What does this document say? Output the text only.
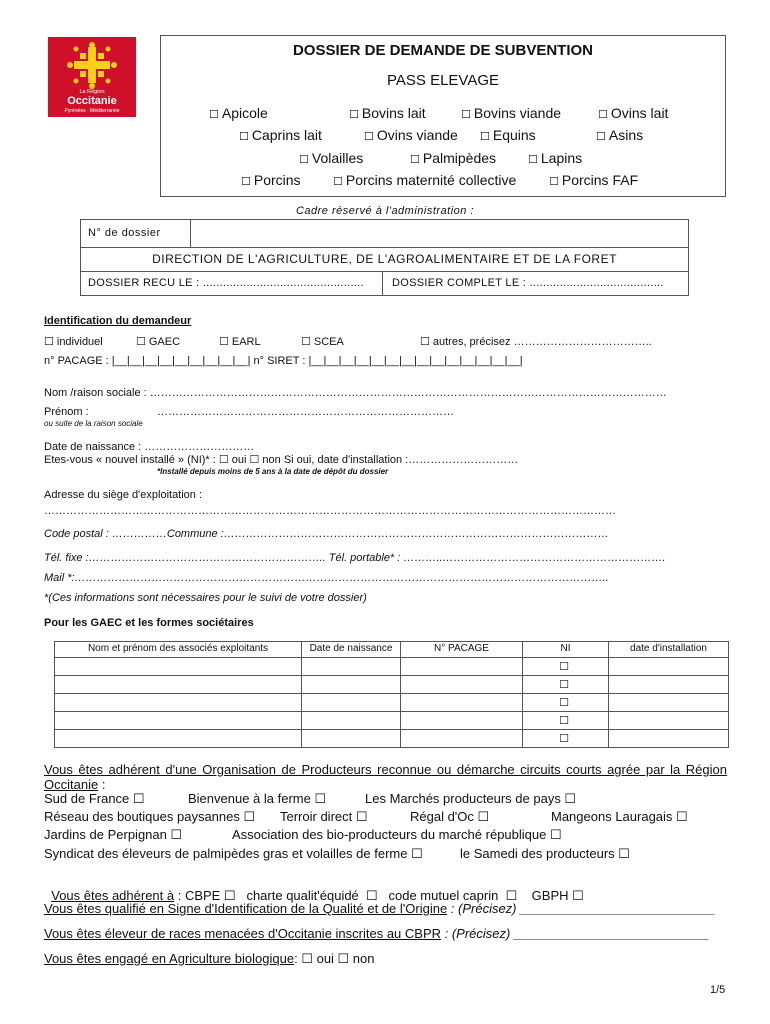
La Région
Occitanie
Pyrénées · Méditerranée
DOSSIER DE DEMANDE DE SUBVENTION
PASS ELEVAGE
☐ Apicole	☐ Bovins lait	☐ Bovins viande	☐ Ovins lait
☐ Caprins lait	☐ Ovins viande ☐ Equins	☐ Asins
☐ Volailles	☐ Palmipèdes	☐ Lapins
☐ Porcins	☐ Porcins maternité collective	☐ Porcins FAF
Cadre réservé à l'administration :
N° de dossier
DIRECTION DE L'AGRICULTURE, DE L'AGROALIMENTAIRE ET DE LA FORET
DOSSIER RECU LE : ................................................	DOSSIER COMPLET LE : ........................................
Identification du demandeur
☐ individuel	☐ GAEC	☐ EARL	☐ SCEA	☐ autres, précisez ………………………………..
n° PACAGE : |__|__|__|__|__|__|__|__|__| n° SIRET : |__|__|__|__|__|__|__|__|__|__|__|__|__|__|
Nom /raison sociale : ……………………………………………………………………………………………………………………………
Prénom :	………………………………………………………………………
ou suite de la raison sociale
Date de naissance : …………………………
Etes-vous « nouvel installé » (NI)* : ☐ oui ☐ non Si oui, date d'installation :…………………………
*Installé depuis moins de 5 ans à la date de dépôt du dossier
Adresse du siège d'exploitation :
…………………………………………………………………………………………………………………………………………
Code postal : ……………Commune :……………………………………………………………………………………………
Tél. fixe :……………………………………………………….. Tél. portable* : ………..…………………………………………………….
Mail *:………………………………………………………………………………………………………………………………..
*(Ces informations sont nécessaires pour le suivi de votre dossier)
Pour les GAEC et les formes sociétaires
Nom et prénom des associés exploitants	Date de naissance	N° PACAGE	NI	date d'installation
			☐	
			☐	
			☐	
			☐	
			☐	
Vous êtes adhérent d'une Organisation de Producteurs reconnue ou démarche circuits courts agrée par la Région Occitanie :
Sud de France ☐	Bienvenue à la ferme ☐	Les Marchés producteurs de pays ☐
Réseau des boutiques paysannes ☐ Terroir direct ☐	Régal d'Oc ☐	Mangeons Lauragais ☐
Jardins de Perpignan ☐	Association des bio-producteurs du marché république ☐
Syndicat des éleveurs de palmipèdes gras et volailles de ferme ☐	le Samedi des producteurs ☐

Vous êtes adhérent à : CBPE ☐   charte qualit'équidé  ☐   code mutuel caprin  ☐    GBPH ☐

Vous êtes qualifié en Signe d'Identification de la Qualité et de l'Origine : (Précisez) ___________________________
Vous êtes éleveur de races menacées d'Occitanie inscrites au CBPR : (Précisez) ___________________________
Vous êtes engagé en Agriculture biologique: ☐ oui ☐ non
1/5
